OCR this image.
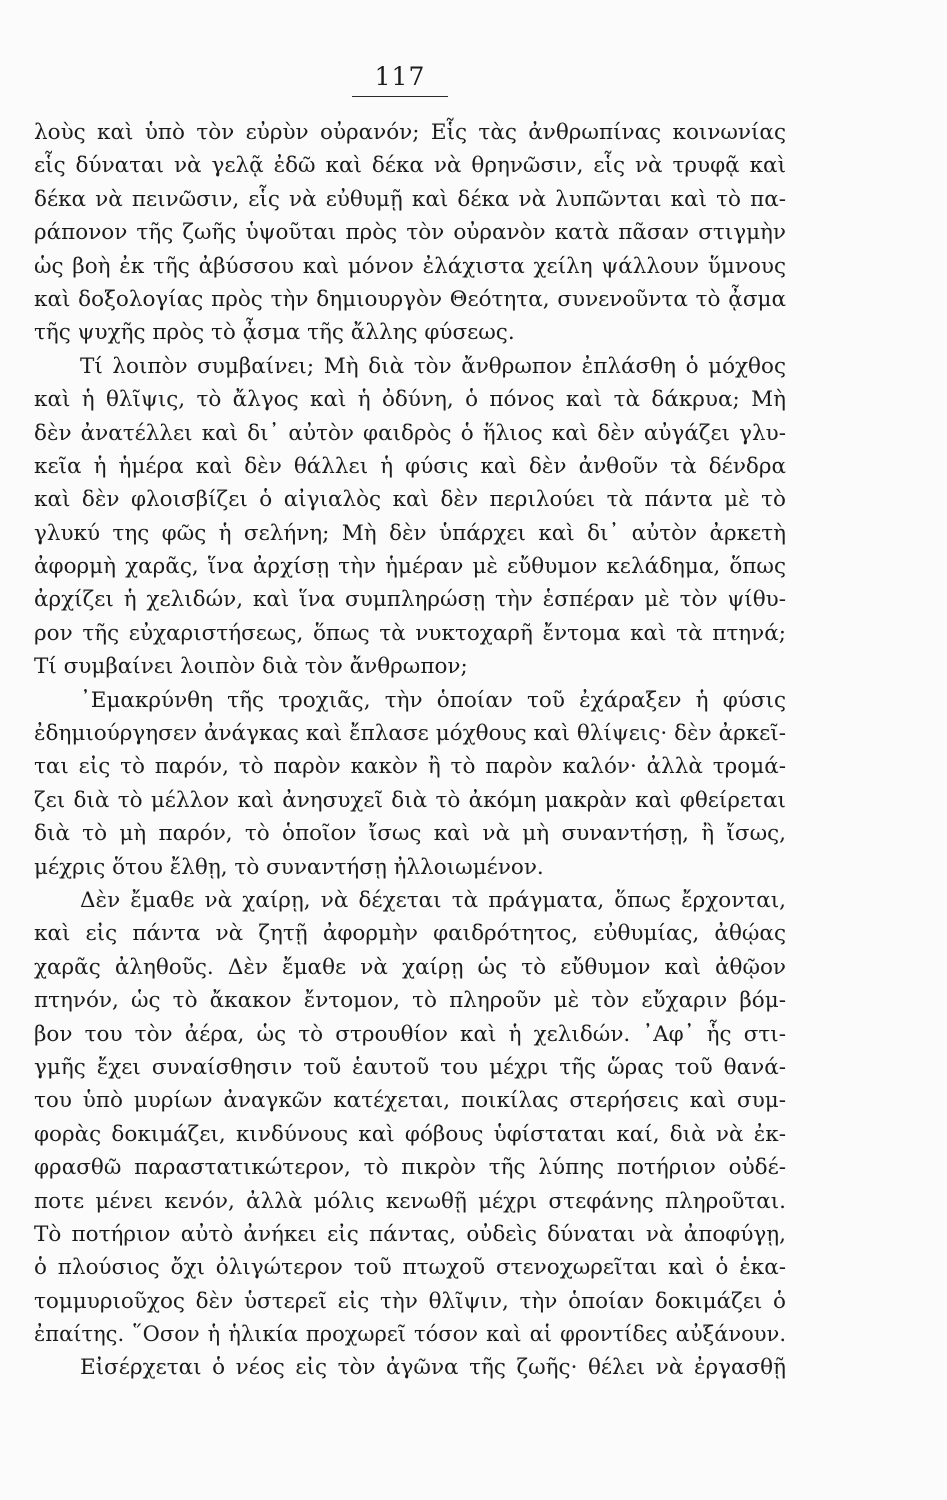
117
λοὺς καὶ ὑπὸ τὸν εὐρὺν οὐρανόν; Εἷς τὰς ἀνθρωπίνας κοινωνίας
εἷς δύναται νὰ γελᾷ ἐδῶ καὶ δέκα νὰ θρηνῶσιν, εἷς νὰ τρυφᾷ καὶ
δέκα νὰ πεινῶσιν, εἷς νὰ εὐθυμῇ καὶ δέκα νὰ λυπῶνται καὶ τὸ πα-
ράπονον τῆς ζωῆς ὑψοῦται πρὸς τὸν οὐρανὸν κατὰ πᾶσαν στιγμὴν
ὡς βοὴ ἐκ τῆς ἀβύσσου καὶ μόνον ἐλάχιστα χείλη ψάλλουν ὕμνους
καὶ δοξολογίας πρὸς τὴν δημιουργὸν Θεότητα, συνενοῦντα τὸ ᾆσμα
τῆς ψυχῆς πρὸς τὸ ᾆσμα τῆς ἄλλης φύσεως.
Τί λοιπὸν συμβαίνει; Μὴ διὰ τὸν ἄνθρωπον ἐπλάσθη ὁ μόχθος
καὶ ἡ θλῖψις, τὸ ἄλγος καὶ ἡ ὀδύνη, ὁ πόνος καὶ τὰ δάκρυα; Μὴ
δὲν ἀνατέλλει καὶ δι᾿ αὐτὸν φαιδρὸς ὁ ἥλιος καὶ δὲν αὐγάζει γλυ-
κεῖα ἡ ἡμέρα καὶ δὲν θάλλει ἡ φύσις καὶ δὲν ἀνθοῦν τὰ δένδρα
καὶ δὲν φλοισβίζει ὁ αἰγιαλὸς καὶ δὲν περιλούει τὰ πάντα μὲ τὸ
γλυκύ της φῶς ἡ σελήνη; Μὴ δὲν ὑπάρχει καὶ δι᾿ αὐτὸν ἀρκετὴ
ἀφορμὴ χαρᾶς, ἵνα ἀρχίσῃ τὴν ἡμέραν μὲ εὔθυμον κελάδημα, ὅπως
ἀρχίζει ἡ χελιδών, καὶ ἵνα συμπληρώσῃ τὴν ἑσπέραν μὲ τὸν ψίθυ-
ρον τῆς εὐχαριστήσεως, ὅπως τὰ νυκτοχαρῆ ἔντομα καὶ τὰ πτηνά;
Τί συμβαίνει λοιπὸν διὰ τὸν ἄνθρωπον;
᾿Εμακρύνθη τῆς τροχιᾶς, τὴν ὁποίαν τοῦ ἐχάραξεν ἡ φύσις
ἐδημιούργησεν ἀνάγκας καὶ ἔπλασε μόχθους καὶ θλίψεις· δὲν ἀρκεῖ-
ται εἰς τὸ παρόν, τὸ παρὸν κακὸν ἢ τὸ παρὸν καλόν· ἀλλὰ τρομά-
ζει διὰ τὸ μέλλον καὶ ἀνησυχεῖ διὰ τὸ ἀκόμη μακρὰν καὶ φθείρεται
διὰ τὸ μὴ παρόν, τὸ ὁποῖον ἴσως καὶ νὰ μὴ συναντήσῃ, ἢ ἴσως,
μέχρις ὅτου ἔλθῃ, τὸ συναντήσῃ ἠλλοιωμένον.
Δὲν ἔμαθε νὰ χαίρῃ, νὰ δέχεται τὰ πράγματα, ὅπως ἔρχονται,
καὶ εἰς πάντα νὰ ζητῇ ἀφορμὴν φαιδρότητος, εὐθυμίας, ἀθῴας
χαρᾶς ἀληθοῦς. Δὲν ἔμαθε νὰ χαίρῃ ὡς τὸ εὔθυμον καὶ ἀθῷον
πτηνόν, ὡς τὸ ἄκακον ἔντομον, τὸ πληροῦν μὲ τὸν εὔχαριν βόμ-
βον του τὸν ἀέρα, ὡς τὸ στρουθίον καὶ ἡ χελιδών. ᾿Αφ᾿ ἧς στι-
γμῆς ἔχει συναίσθησιν τοῦ ἑαυτοῦ του μέχρι τῆς ὥρας τοῦ θανά-
του ὑπὸ μυρίων ἀναγκῶν κατέχεται, ποικίλας στερήσεις καὶ συμ-
φορὰς δοκιμάζει, κινδύνους καὶ φόβους ὑφίσταται καί, διὰ νὰ ἐκ-
φρασθῶ παραστατικώτερον, τὸ πικρὸν τῆς λύπης ποτήριον οὐδέ-
ποτε μένει κενόν, ἀλλὰ μόλις κενωθῇ μέχρι στεφάνης πληροῦται.
Τὸ ποτήριον αὐτὸ ἀνήκει εἰς πάντας, οὐδεὶς δύναται νὰ ἀποφύγῃ,
ὁ πλούσιος ὄχι ὀλιγώτερον τοῦ πτωχοῦ στενοχωρεῖται καὶ ὁ ἑκα-
τομμυριοῦχος δὲν ὑστερεῖ εἰς τὴν θλῖψιν, τὴν ὁποίαν δοκιμάζει ὁ
ἐπαίτης. ῞Οσον ἡ ἡλικία προχωρεῖ τόσον καὶ αἱ φροντίδες αὐξάνουν.
Εἰσέρχεται ὁ νέος εἰς τὸν ἀγῶνα τῆς ζωῆς· θέλει νὰ ἐργασθῇ
